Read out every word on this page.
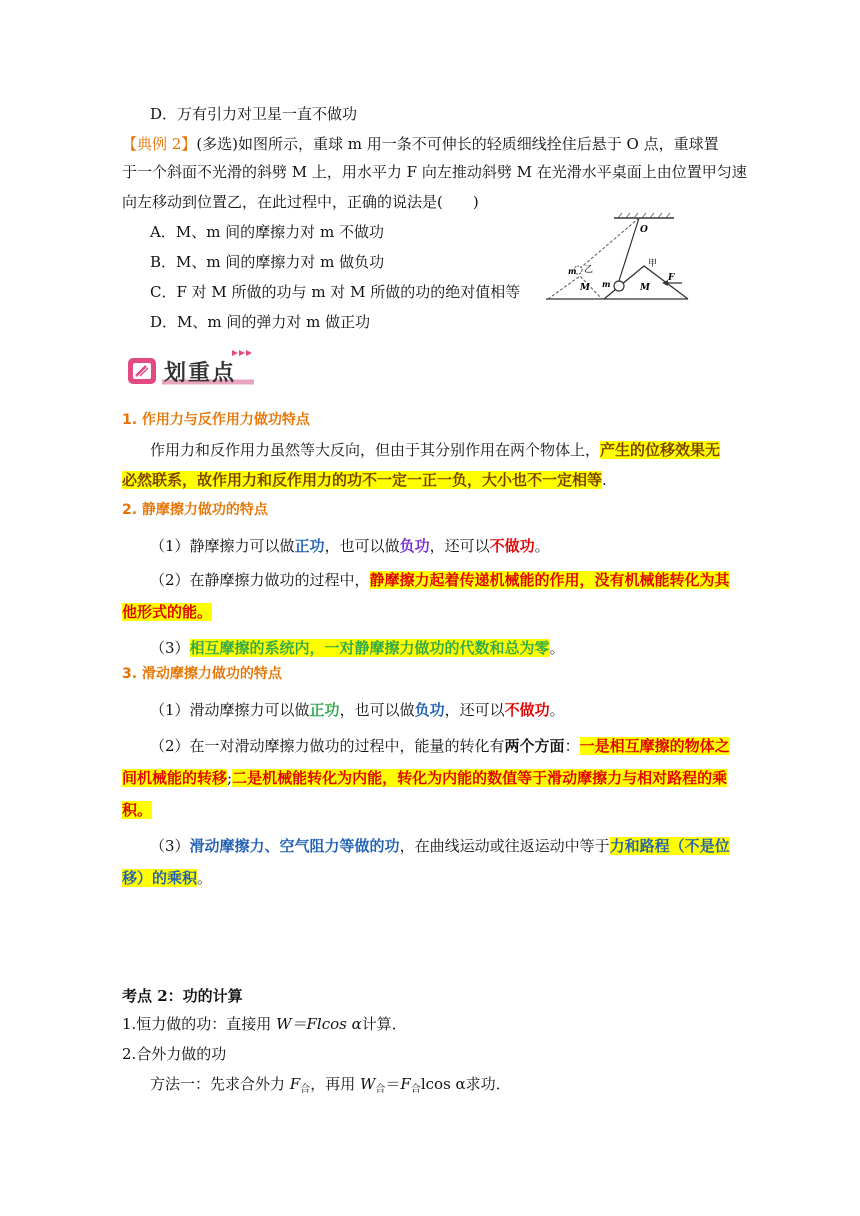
D．万有引力对卫星一直不做功
【典例 2】(多选)如图所示，重球 m 用一条不可伸长的轻质细线拴住后悬于 O 点，重球置
于一个斜面不光滑的斜劈 M 上，用水平力 F 向左推动斜劈 M 在光滑水平桌面上由位置甲匀速
向左移动到位置乙，在此过程中，正确的说法是(　　)
A．M、m 间的摩擦力对 m 不做功
B．M、m 间的摩擦力对 m 做负功
C．F 对 M 所做的功与 m 对 M 所做的功的绝对值相等
D．M、m 间的弹力对 m 做正功
O
乙
甲
F
m
m
M	M
划重点
1. 作用力与反作用力做功特点
作用力和反作用力虽然等大反向，但由于其分别作用在两个物体上，产生的位移效果无
必然联系，故作用力和反作用力的功不一定一正一负，大小也不一定相等.
2. 静摩擦力做功的特点
（1）静摩擦力可以做正功，也可以做负功，还可以不做功。
（2）在静摩擦力做功的过程中，静摩擦力起着传递机械能的作用，没有机械能转化为其
他形式的能。
（3）相互摩擦的系统内，一对静摩擦力做功的代数和总为零。
3. 滑动摩擦力做功的特点
（1）滑动摩擦力可以做正功，也可以做负功，还可以不做功。
（2）在一对滑动摩擦力做功的过程中，能量的转化有两个方面：一是相互摩擦的物体之
间机械能的转移;二是机械能转化为内能，转化为内能的数值等于滑动摩擦力与相对路程的乘
积。
（3）滑动摩擦力、空气阻力等做的功，在曲线运动或往返运动中等于力和路程（不是位
移）的乘积。
考点 2：功的计算
1.恒力做的功：直接用 W＝Flcos α计算．
2.合外力做的功
方法一：先求合外力 $F_合$，再用 $W_合=F_合lcos$ α求功．
